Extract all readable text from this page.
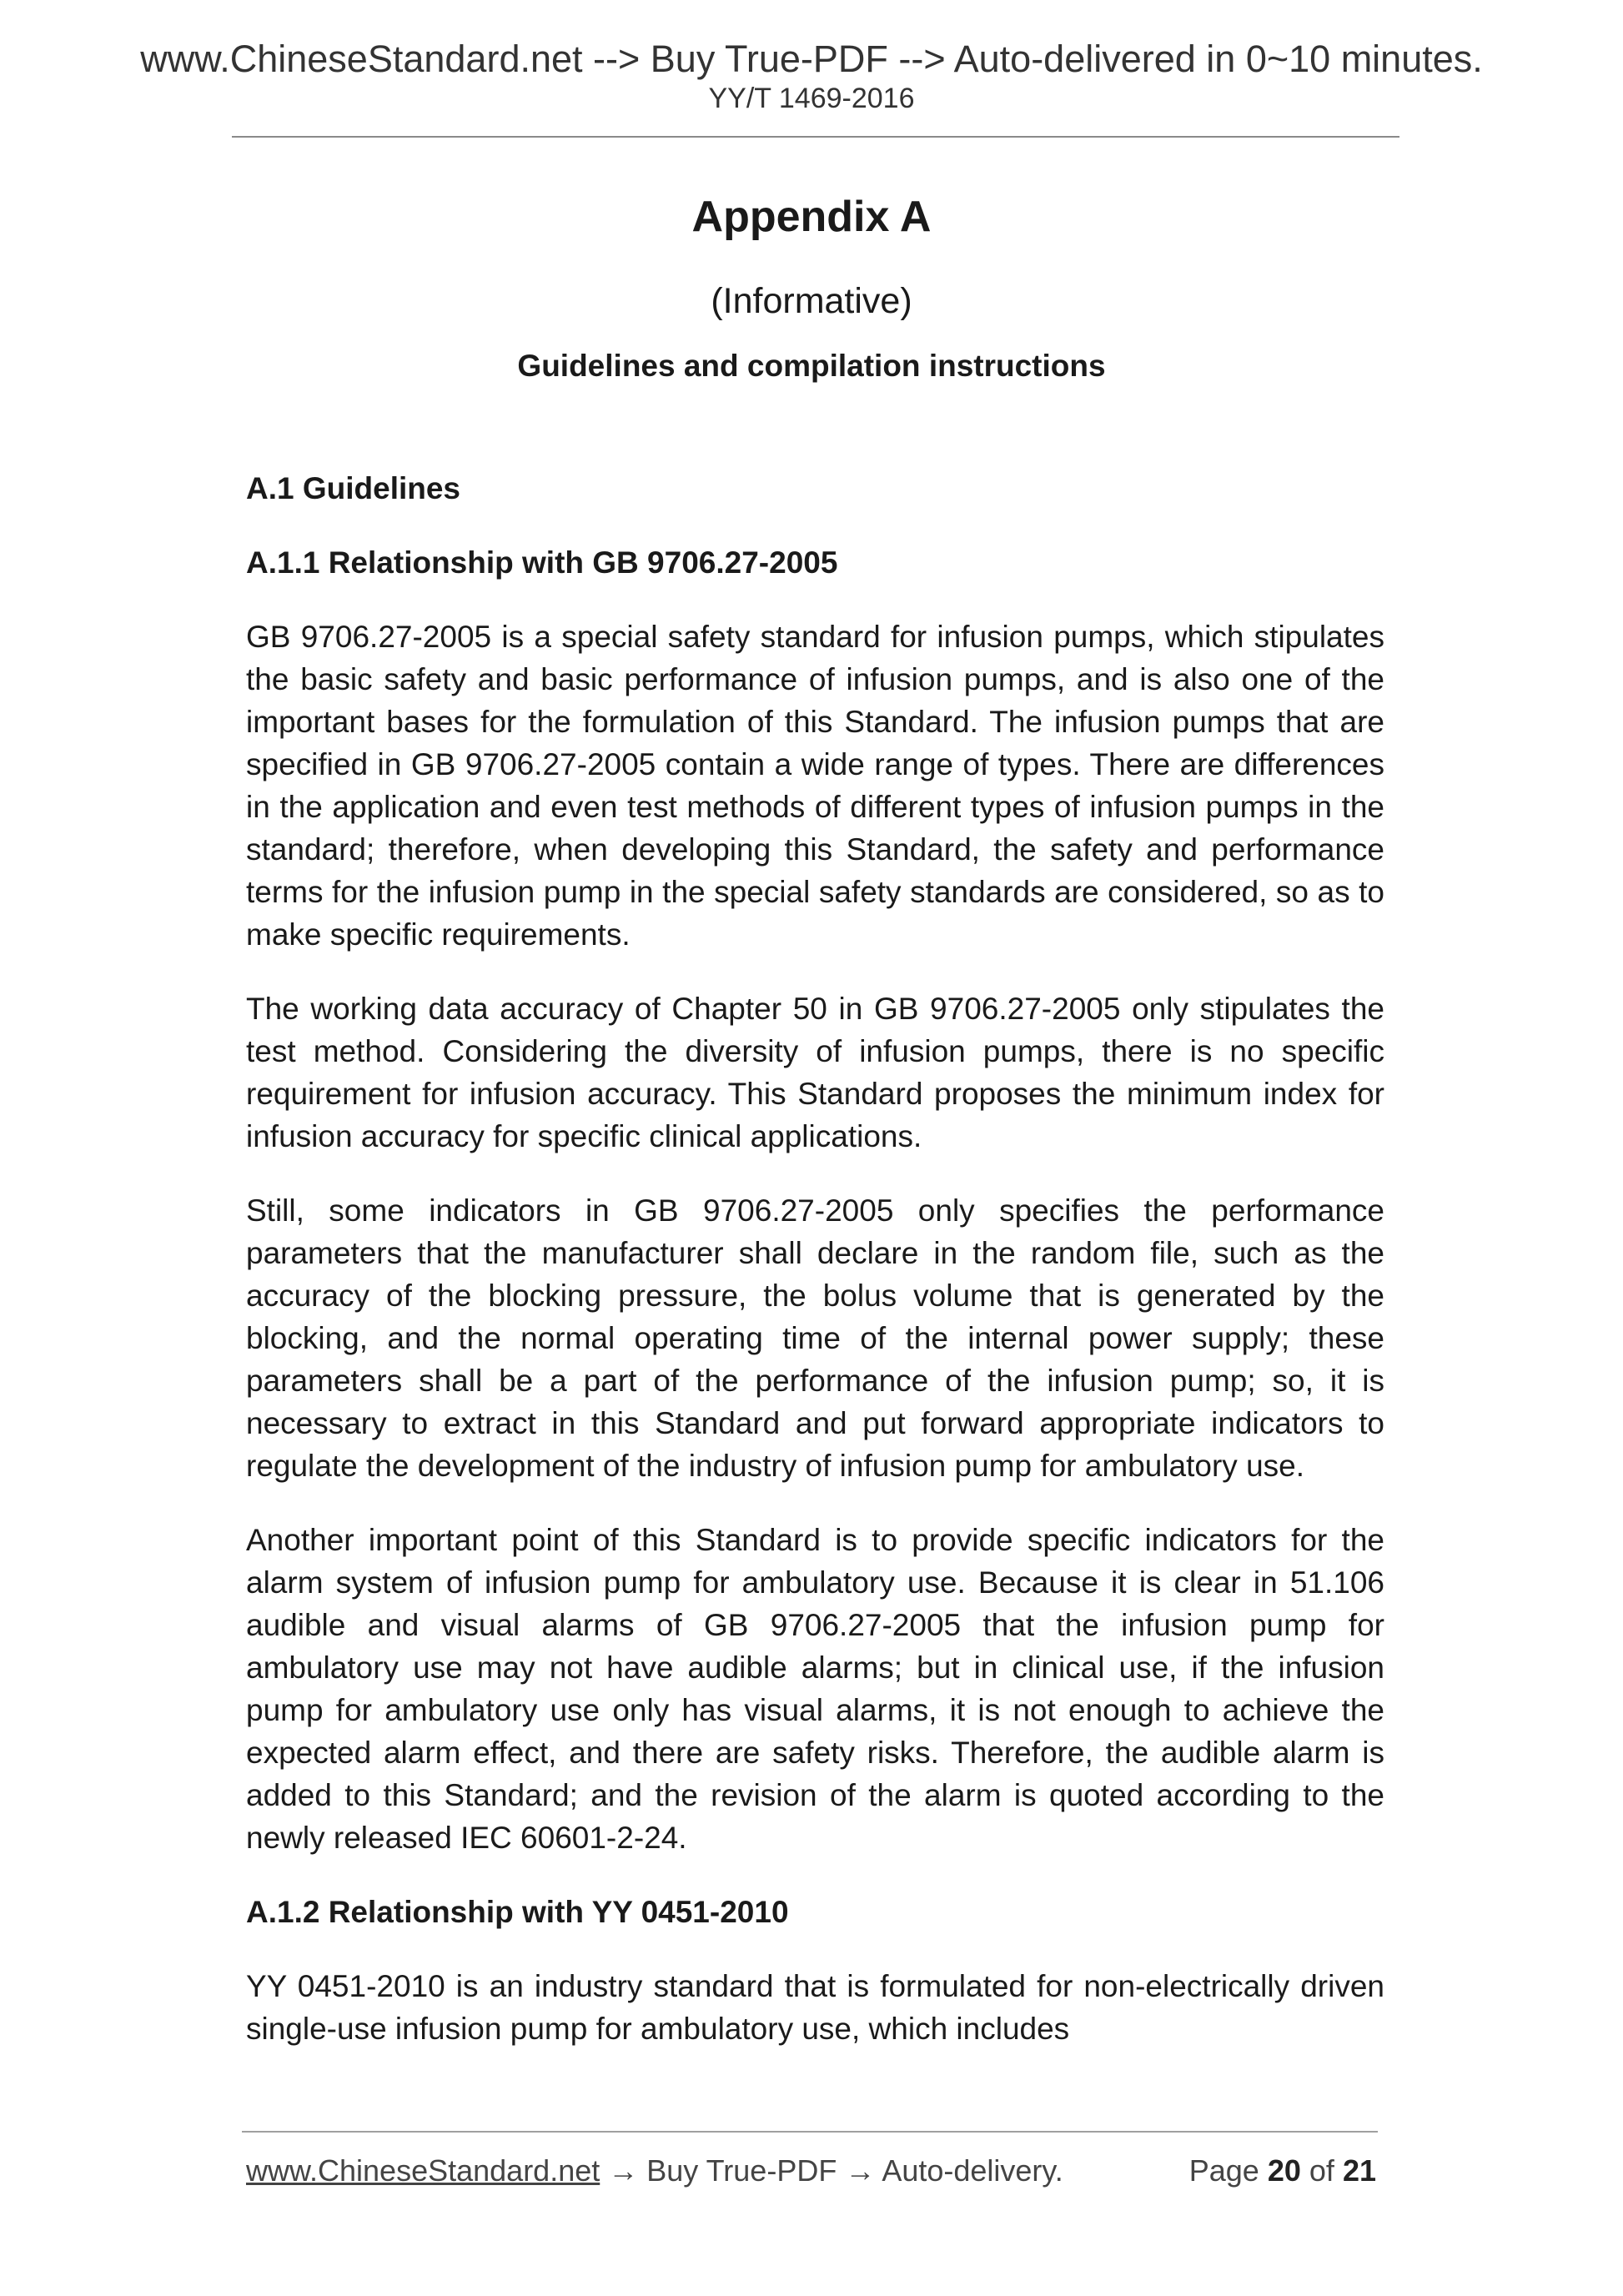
www.ChineseStandard.net --> Buy True-PDF --> Auto-delivered in 0~10 minutes.
YY/T 1469-2016
Appendix A
(Informative)
Guidelines and compilation instructions
A.1 Guidelines
A.1.1 Relationship with GB 9706.27-2005

GB 9706.27-2005 is a special safety standard for infusion pumps, which stipulates the basic safety and basic performance of infusion pumps, and is also one of the important bases for the formulation of this Standard. The infusion pumps that are specified in GB 9706.27-2005 contain a wide range of types. There are differences in the application and even test methods of different types of infusion pumps in the standard; therefore, when developing this Standard, the safety and performance terms for the infusion pump in the special safety standards are considered, so as to make specific requirements.

The working data accuracy of Chapter 50 in GB 9706.27-2005 only stipulates the test method. Considering the diversity of infusion pumps, there is no specific requirement for infusion accuracy. This Standard proposes the minimum index for infusion accuracy for specific clinical applications.

Still, some indicators in GB 9706.27-2005 only specifies the performance parameters that the manufacturer shall declare in the random file, such as the accuracy of the blocking pressure, the bolus volume that is generated by the blocking, and the normal operating time of the internal power supply; these parameters shall be a part of the performance of the infusion pump; so, it is necessary to extract in this Standard and put forward appropriate indicators to regulate the development of the industry of infusion pump for ambulatory use.

Another important point of this Standard is to provide specific indicators for the alarm system of infusion pump for ambulatory use. Because it is clear in 51.106 audible and visual alarms of GB 9706.27-2005 that the infusion pump for ambulatory use may not have audible alarms; but in clinical use, if the infusion pump for ambulatory use only has visual alarms, it is not enough to achieve the expected alarm effect, and there are safety risks. Therefore, the audible alarm is added to this Standard; and the revision of the alarm is quoted according to the newly released IEC 60601-2-24.

A.1.2 Relationship with YY 0451-2010

YY 0451-2010 is an industry standard that is formulated for non-electrically driven single-use infusion pump for ambulatory use, which includes

www.ChineseStandard.net → Buy True-PDF → Auto-delivery.	Page 20 of 21
